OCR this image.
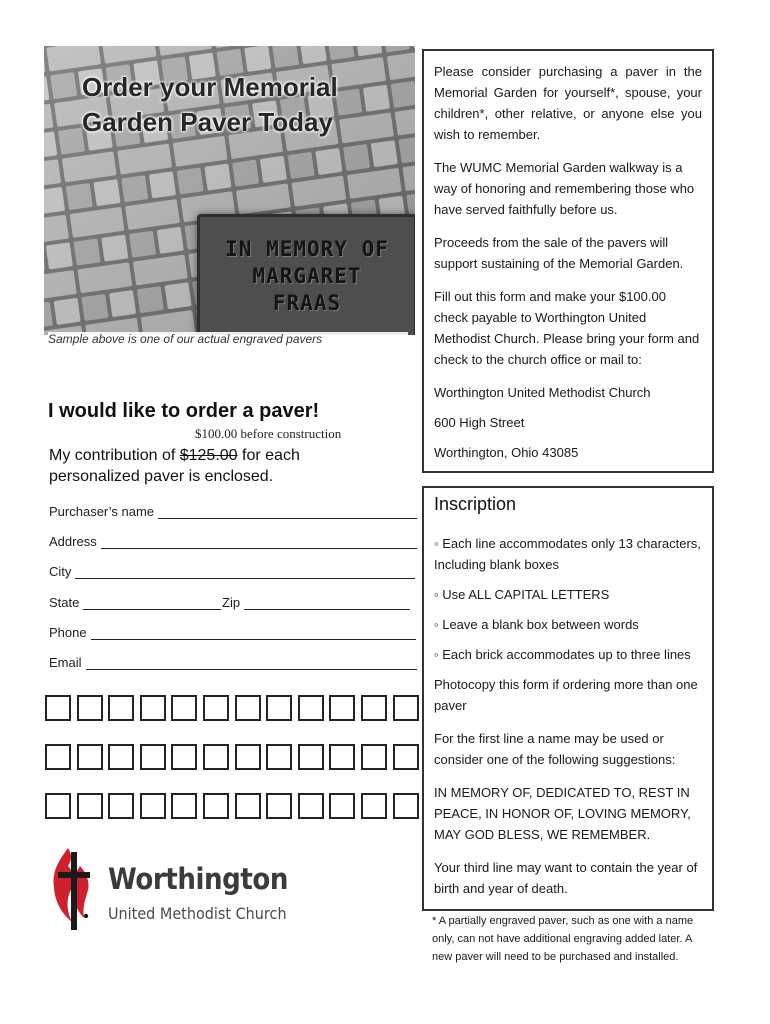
Order your Memorial
Garden Paver Today
IN MEMORY OF
MARGARET
FRAAS
Sample above is one of our actual engraved pavers

Please consider purchasing a paver in the Memorial Garden for yourself*, spouse, your children*, other relative, or anyone else you wish to remember.

The WUMC Memorial Garden walkway is a way of honoring and remembering those who have served faithfully before us.

Proceeds from the sale of the pavers will support sustaining of the Memorial Garden.

Fill out this form and make your $100.00 check payable to Worthington United Methodist Church. Please bring your form and check to the church office or mail to:

Worthington United Methodist Church

600 High Street

Worthington, Ohio 43085

I would like to order a paver!
$100.00 before construction
My contribution of $125.00 for each personalized paver is enclosed.
Purchaser’s name
Address
City
State	Zip
Phone
Email
Worthington
United Methodist Church
Inscription

◦ Each line accommodates only 13 characters, Including blank boxes

◦ Use ALL CAPITAL LETTERS

◦ Leave a blank box between words

◦ Each brick accommodates up to three lines

Photocopy this form if ordering more than one paver

For the first line a name may be used or consider one of the following suggestions:

IN MEMORY OF, DEDICATED TO, REST IN PEACE, IN HONOR OF, LOVING MEMORY, MAY GOD BLESS, WE REMEMBER.

Your third line may want to contain the year of birth and year of death.

* A partially engraved paver, such as one with a name only, can not have additional engraving added later. A new paver will need to be purchased and installed.
